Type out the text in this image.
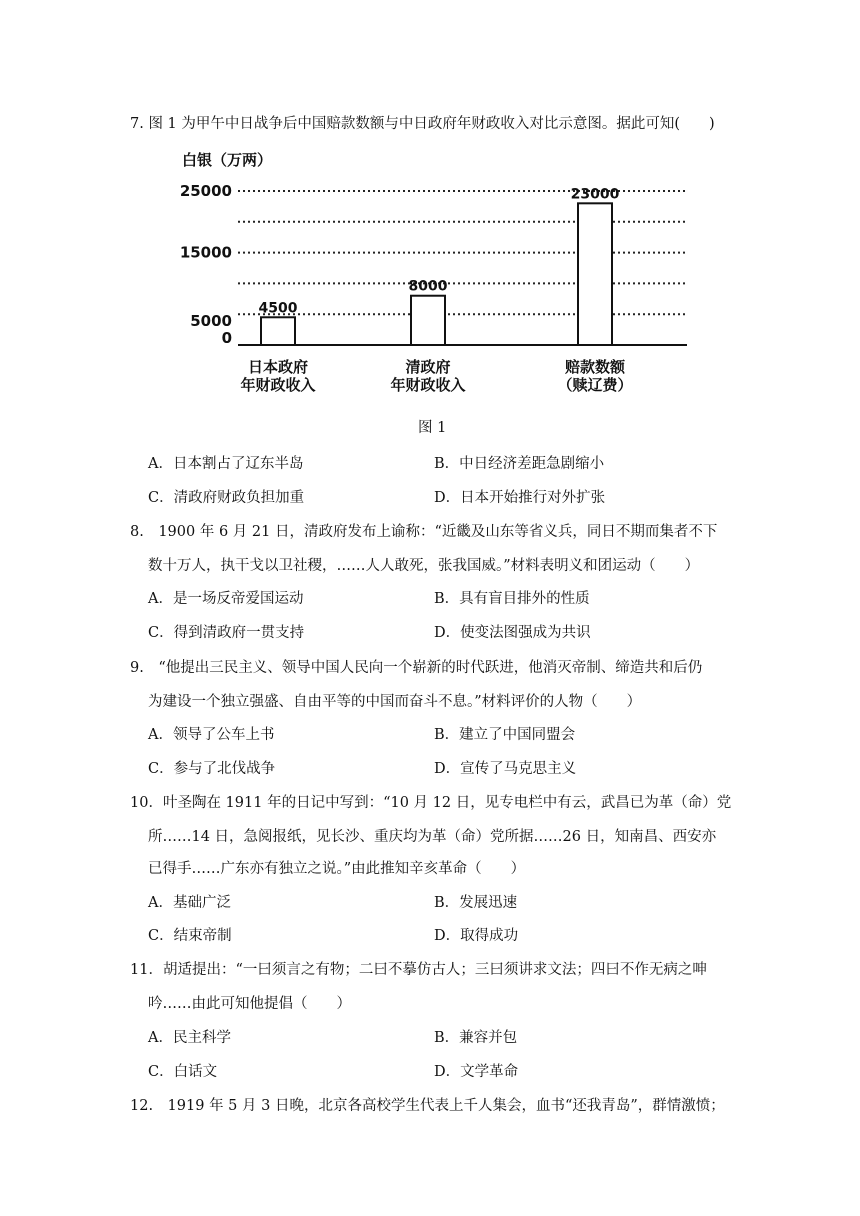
7. 图 1 为甲午中日战争后中国赔款数额与中日政府年财政收入对比示意图。据此可知(　　)
白银（万两）
25000
15000
5000
0
4500
8000
23000
日本政府
年财政收入
清政府
年财政收入
赔款数额
（赎辽费）
图 1
A．日本割占了辽东半岛	B．中日经济差距急剧缩小
C．清政府财政负担加重	D．日本开始推行对外扩张
8.　1900 年 6 月 21 日，清政府发布上谕称：“近畿及山东等省义兵，同日不期而集者不下
数十万人，执干戈以卫社稷，……人人敢死，张我国威。”材料表明义和团运动（　　）
A．是一场反帝爱国运动	B．具有盲目排外的性质
C．得到清政府一贯支持	D．使变法图强成为共识
9.　“他提出三民主义、领导中国人民向一个崭新的时代跃进，他消灭帝制、缔造共和后仍
为建设一个独立强盛、自由平等的中国而奋斗不息。”材料评价的人物（　　）
A．领导了公车上书	B．建立了中国同盟会
C．参与了北伐战争	D．宣传了马克思主义
10．叶圣陶在 1911 年的日记中写到：“10 月 12 日，见专电栏中有云，武昌已为革（命）党
所……14 日，急阅报纸，见长沙、重庆均为革（命）党所据……26 日，知南昌、西安亦
已得手……广东亦有独立之说。”由此推知辛亥革命（　　）
A．基础广泛	B．发展迅速
C．结束帝制	D．取得成功
11．胡适提出：“一曰须言之有物；二曰不摹仿古人；三曰须讲求文法；四曰不作无病之呻
吟……由此可知他提倡（　　）
A．民主科学	B．兼容并包
C．白话文	D．文学革命
12.　1919 年 5 月 3 日晚，北京各高校学生代表上千人集会，血书“还我青岛”，群情激愤；
